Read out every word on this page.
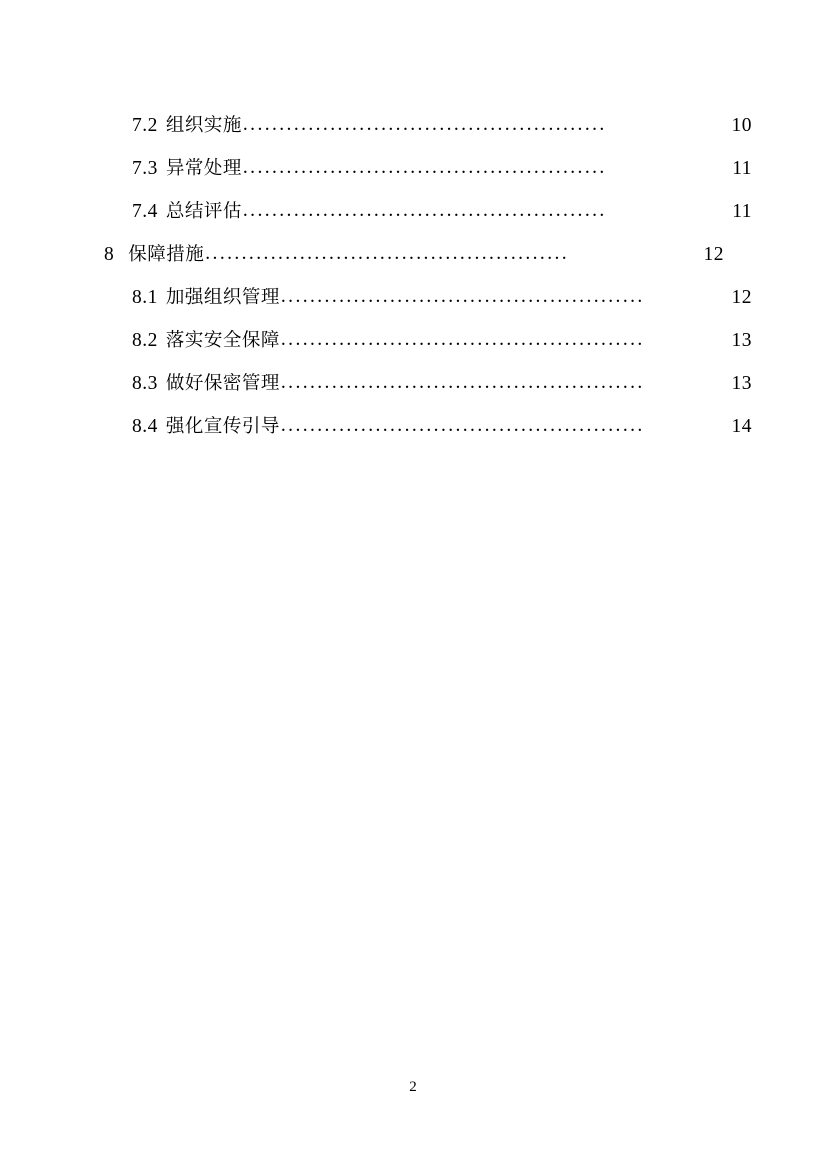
7.2 组织实施 ..................................................	10
7.3 异常处理 ..................................................	11
7.4 总结评估 ..................................................	11
8 保障措施 ..................................................	12
8.1 加强组织管理 ..................................................	12
8.2 落实安全保障 ..................................................	13
8.3 做好保密管理 ..................................................	13
8.4 强化宣传引导 ..................................................	14
2
